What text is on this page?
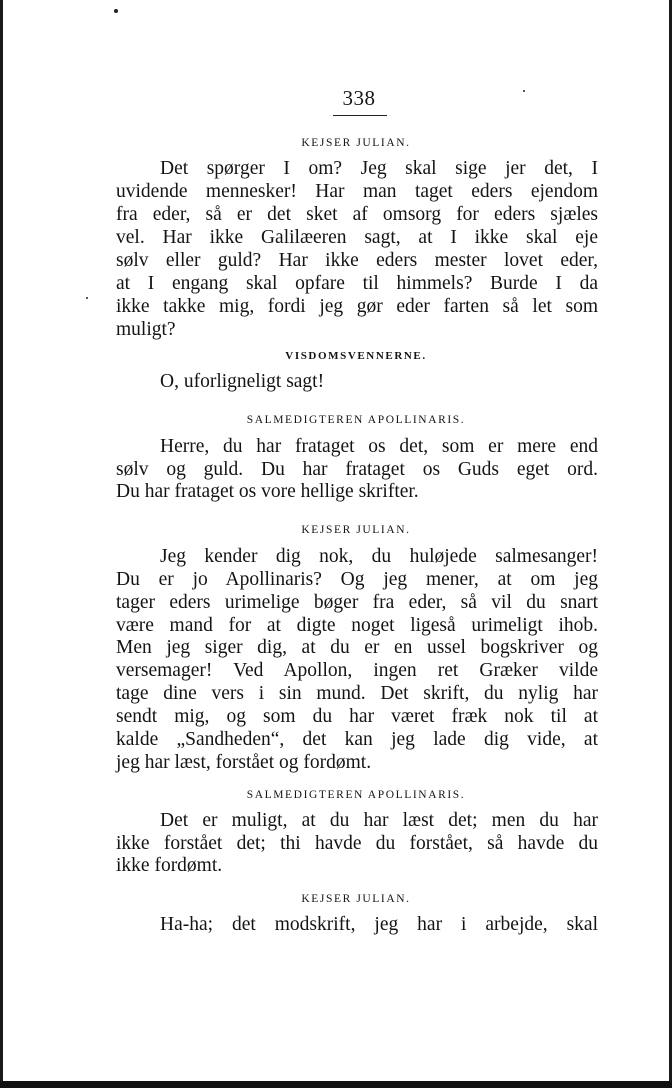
338
KEJSER JULIAN.
Det spørger I om? Jeg skal sige jer det, I
uvidende mennesker! Har man taget eders ejendom
fra eder, så er det sket af omsorg for eders sjæles
vel. Har ikke Galilæeren sagt, at I ikke skal eje
sølv eller guld? Har ikke eders mester lovet eder,
at I engang skal opfare til himmels? Burde I da
ikke takke mig, fordi jeg gør eder farten så let som
muligt?
VISDOMSVENNERNE.
O, uforligneligt sagt!
SALMEDIGTEREN APOLLINARIS.
Herre, du har frataget os det, som er mere end
sølv og guld. Du har frataget os Guds eget ord.
Du har frataget os vore hellige skrifter.
KEJSER JULIAN.
Jeg kender dig nok, du huløjede salmesanger!
Du er jo Apollinaris? Og jeg mener, at om jeg
tager eders urimelige bøger fra eder, så vil du snart
være mand for at digte noget ligeså urimeligt ihob.
Men jeg siger dig, at du er en ussel bogskriver og
versemager! Ved Apollon, ingen ret Græker vilde
tage dine vers i sin mund. Det skrift, du nylig har
sendt mig, og som du har været fræk nok til at
kalde „Sandheden“, det kan jeg lade dig vide, at
jeg har læst, forstået og fordømt.
SALMEDIGTEREN APOLLINARIS.
Det er muligt, at du har læst det; men du har
ikke forstået det; thi havde du forstået, så havde du
ikke fordømt.
KEJSER JULIAN.
Ha-ha; det modskrift, jeg har i arbejde, skal
